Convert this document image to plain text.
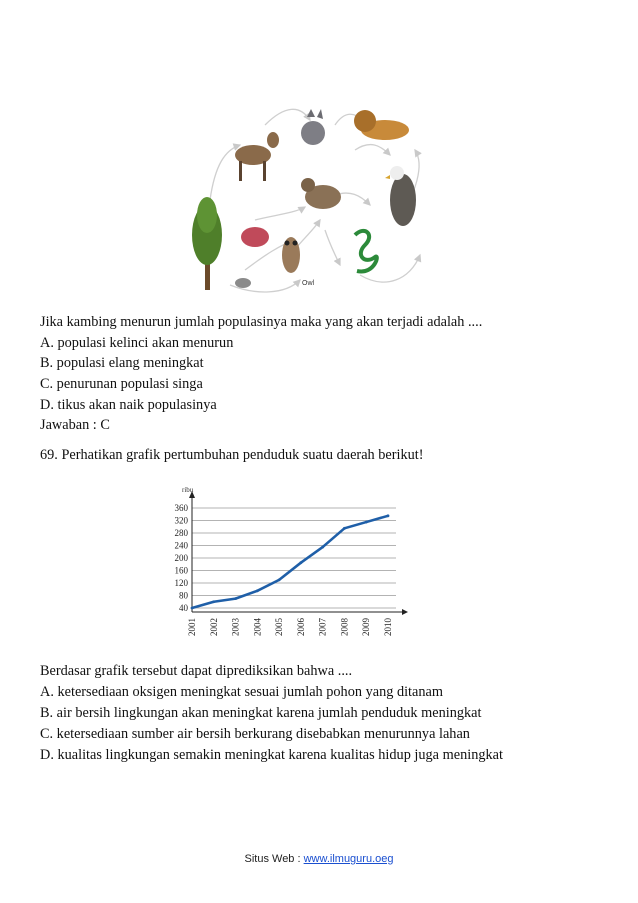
Owl
Jika kambing menurun jumlah populasinya maka yang akan terjadi adalah ....
A. populasi kelinci akan menurun
B. populasi elang meningkat
C. penurunan populasi singa
D. tikus akan naik populasinya
Jawaban : C
69. Perhatikan grafik pertumbuhan penduduk suatu daerah berikut!
40
80
120
160
200
240
280
320
360
ribu
2001 2002 2003 2004 2005 2006 2007 2008 2009 2010
Berdasar grafik tersebut dapat diprediksikan bahwa ....
A. ketersediaan oksigen meningkat sesuai jumlah pohon yang ditanam
B. air bersih lingkungan akan meningkat karena jumlah penduduk meningkat
C. ketersediaan sumber air bersih berkurang disebabkan menurunnya lahan
D. kualitas lingkungan semakin meningkat karena kualitas hidup juga meningkat
Situs Web : www.ilmuguru.oeg
